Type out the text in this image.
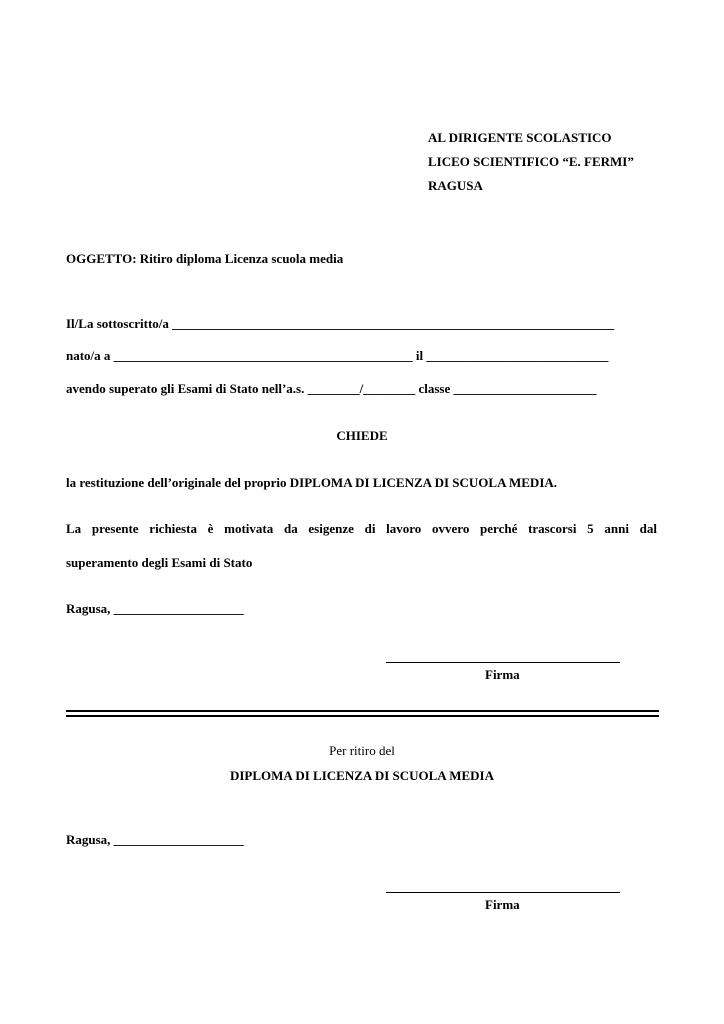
AL DIRIGENTE SCOLASTICO
LICEO SCIENTIFICO “E. FERMI”
RAGUSA
OGGETTO: Ritiro diploma Licenza scuola media
Il/La sottoscritto/a ____________________________________________________________________
nato/a a ______________________________________________ il ____________________________
avendo superato gli Esami di Stato nell’a.s. ________/________ classe ______________________
CHIEDE
la restituzione dell’originale del proprio DIPLOMA DI LICENZA DI SCUOLA MEDIA.
La presente richiesta è motivata da esigenze di lavoro ovvero perché trascorsi 5 anni dal
superamento degli Esami di Stato
Ragusa, ____________________
Firma
Per ritiro del
DIPLOMA DI LICENZA DI SCUOLA MEDIA
Ragusa, ____________________
Firma
